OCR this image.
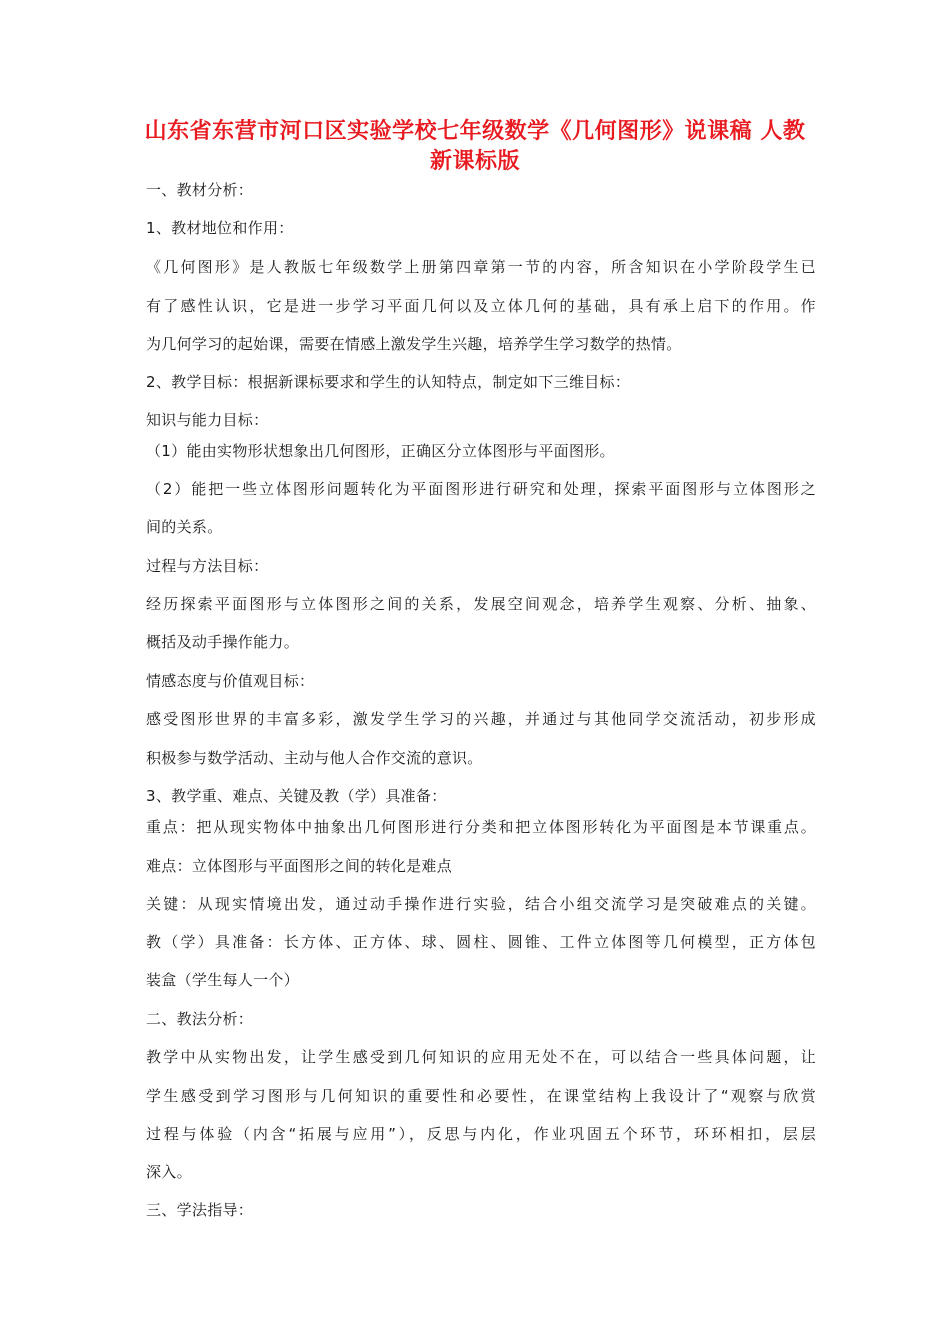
山东省东营市河口区实验学校七年级数学《几何图形》说课稿 人教
新课标版
一、教材分析：
1、教材地位和作用：
《几何图形》是人教版七年级数学上册第四章第一节的内容，所含知识在小学阶段学生已
有了感性认识，它是进一步学习平面几何以及立体几何的基础，具有承上启下的作用。作
为几何学习的起始课，需要在情感上激发学生兴趣，培养学生学习数学的热情。
2、教学目标：根据新课标要求和学生的认知特点，制定如下三维目标：
知识与能力目标：
（1）能由实物形状想象出几何图形，正确区分立体图形与平面图形。
（2）能把一些立体图形问题转化为平面图形进行研究和处理，探索平面图形与立体图形之
间的关系。
过程与方法目标：
经历探索平面图形与立体图形之间的关系，发展空间观念，培养学生观察、分析、抽象、
概括及动手操作能力。
情感态度与价值观目标：
感受图形世界的丰富多彩，激发学生学习的兴趣，并通过与其他同学交流活动，初步形成
积极参与数学活动、主动与他人合作交流的意识。
3、教学重、难点、关键及教（学）具准备：
重点：把从现实物体中抽象出几何图形进行分类和把立体图形转化为平面图是本节课重点。
难点：立体图形与平面图形之间的转化是难点
关键：从现实情境出发，通过动手操作进行实验，结合小组交流学习是突破难点的关键。
教（学）具准备：长方体、正方体、球、圆柱、圆锥、工件立体图等几何模型，正方体包
装盒（学生每人一个）
二、教法分析：
教学中从实物出发，让学生感受到几何知识的应用无处不在，可以结合一些具体问题，让
学生感受到学习图形与几何知识的重要性和必要性，在课堂结构上我设计了“观察与欣赏
过程与体验（内含“拓展与应用”），反思与内化，作业巩固五个环节，环环相扣，层层
深入。
三、学法指导：
